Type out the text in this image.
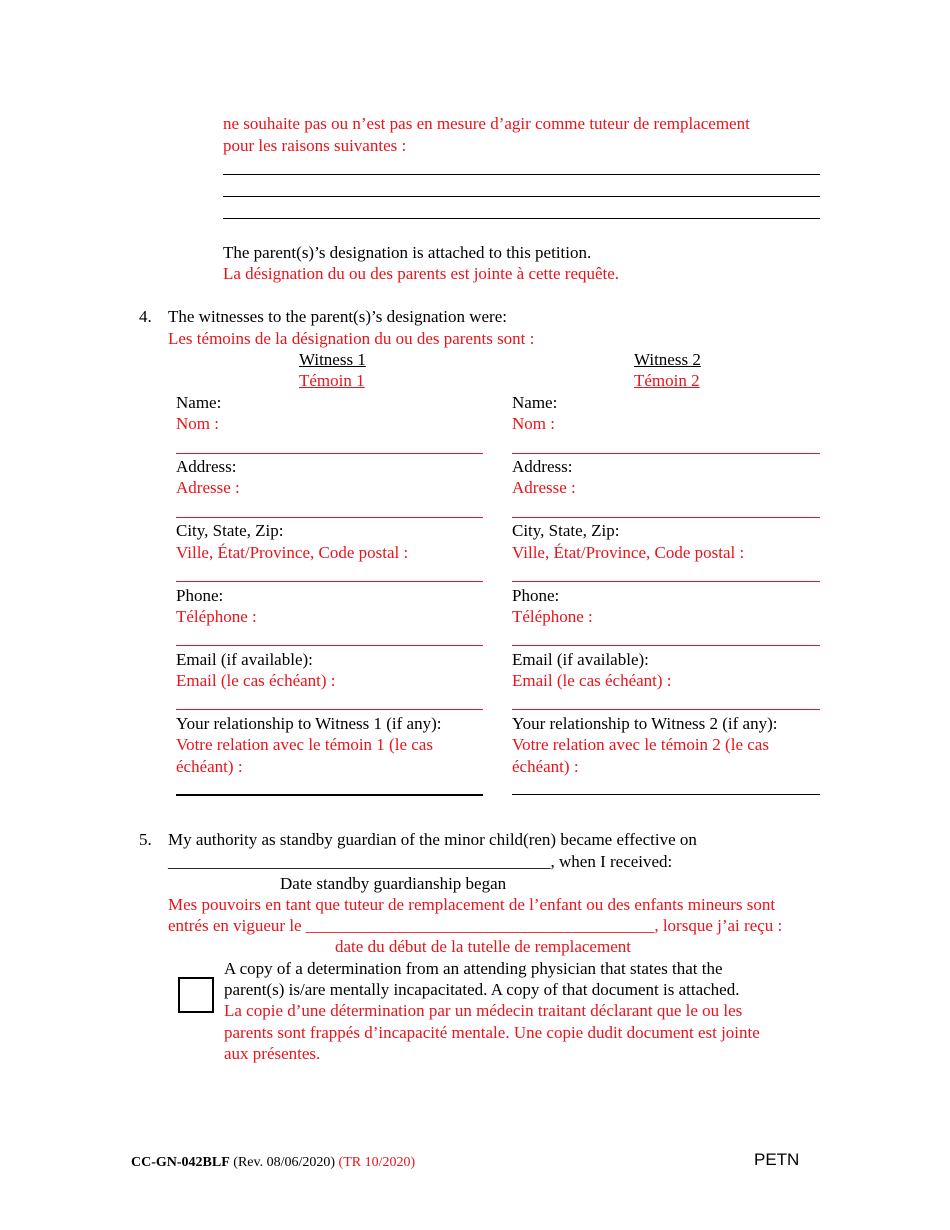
ne souhaite pas ou n’est pas en mesure d’agir comme tuteur de remplacement
pour les raisons suivantes :
The parent(s)’s designation is attached to this petition.
La désignation du ou des parents est jointe à cette requête.
4. The witnesses to the parent(s)’s designation were:
Les témoins de la désignation du ou des parents sont :
Witness 1
Témoin 1
Name:
Nom :
Address:
Adresse :
City, State, Zip:
Ville, État/Province, Code postal :
Phone:
Téléphone :
Email (if available):
Email (le cas échéant) :
Your relationship to Witness 1 (if any):
Votre relation avec le témoin 1 (le cas
échéant) :
Witness 2
Témoin 2
Name:
Nom :
Address:
Adresse :
City, State, Zip:
Ville, État/Province, Code postal :
Phone:
Téléphone :
Email (if available):
Email (le cas échéant) :
Your relationship to Witness 2 (if any):
Votre relation avec le témoin 2 (le cas
échéant) :
5. My authority as standby guardian of the minor child(ren) became effective on
_____________________________________________, when I received:
Date standby guardianship began
Mes pouvoirs en tant que tuteur de remplacement de l’enfant ou des enfants mineurs sont
entrés en vigueur le _________________________________________, lorsque j’ai reçu :
date du début de la tutelle de remplacement
A copy of a determination from an attending physician that states that the
parent(s) is/are mentally incapacitated. A copy of that document is attached.
La copie d’une détermination par un médecin traitant déclarant que le ou les
parents sont frappés d’incapacité mentale. Une copie dudit document est jointe
aux présentes.
CC-GN-042BLF (Rev. 08/06/2020) (TR 10/2020)	PETN
